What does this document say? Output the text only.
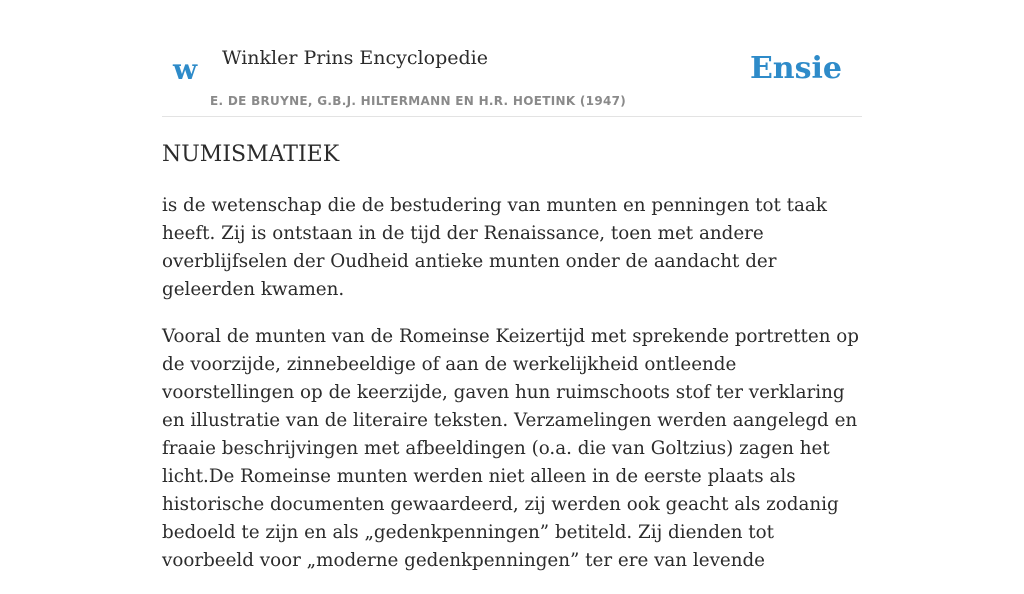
w Winkler Prins Encyclopedie
E. DE BRUYNE, G.B.J. HILTERMANN EN H.R. HOETINK (1947)
Ensie
NUMISMATIEK

is de wetenschap die de bestudering van munten en penningen tot taak heeft. Zij is ontstaan in de tijd der Renaissance, toen met andere overblijfselen der Oudheid antieke munten onder de aandacht der geleerden kwamen.

Vooral de munten van de Romeinse Keizertijd met sprekende portretten op de voorzijde, zinnebeeldige of aan de werkelijkheid ontleende voorstellingen op de keerzijde, gaven hun ruimschoots stof ter verklaring en illustratie van de literaire teksten. Verzamelingen werden aangelegd en fraaie beschrijvingen met afbeeldingen (o.a. die van Goltzius) zagen het licht.De Romeinse munten werden niet alleen in de eerste plaats als historische documenten gewaardeerd, zij werden ook geacht als zodanig bedoeld te zijn en als „gedenkpenningen” betiteld. Zij dienden tot voorbeeld voor „moderne gedenkpenningen” ter ere van levende
